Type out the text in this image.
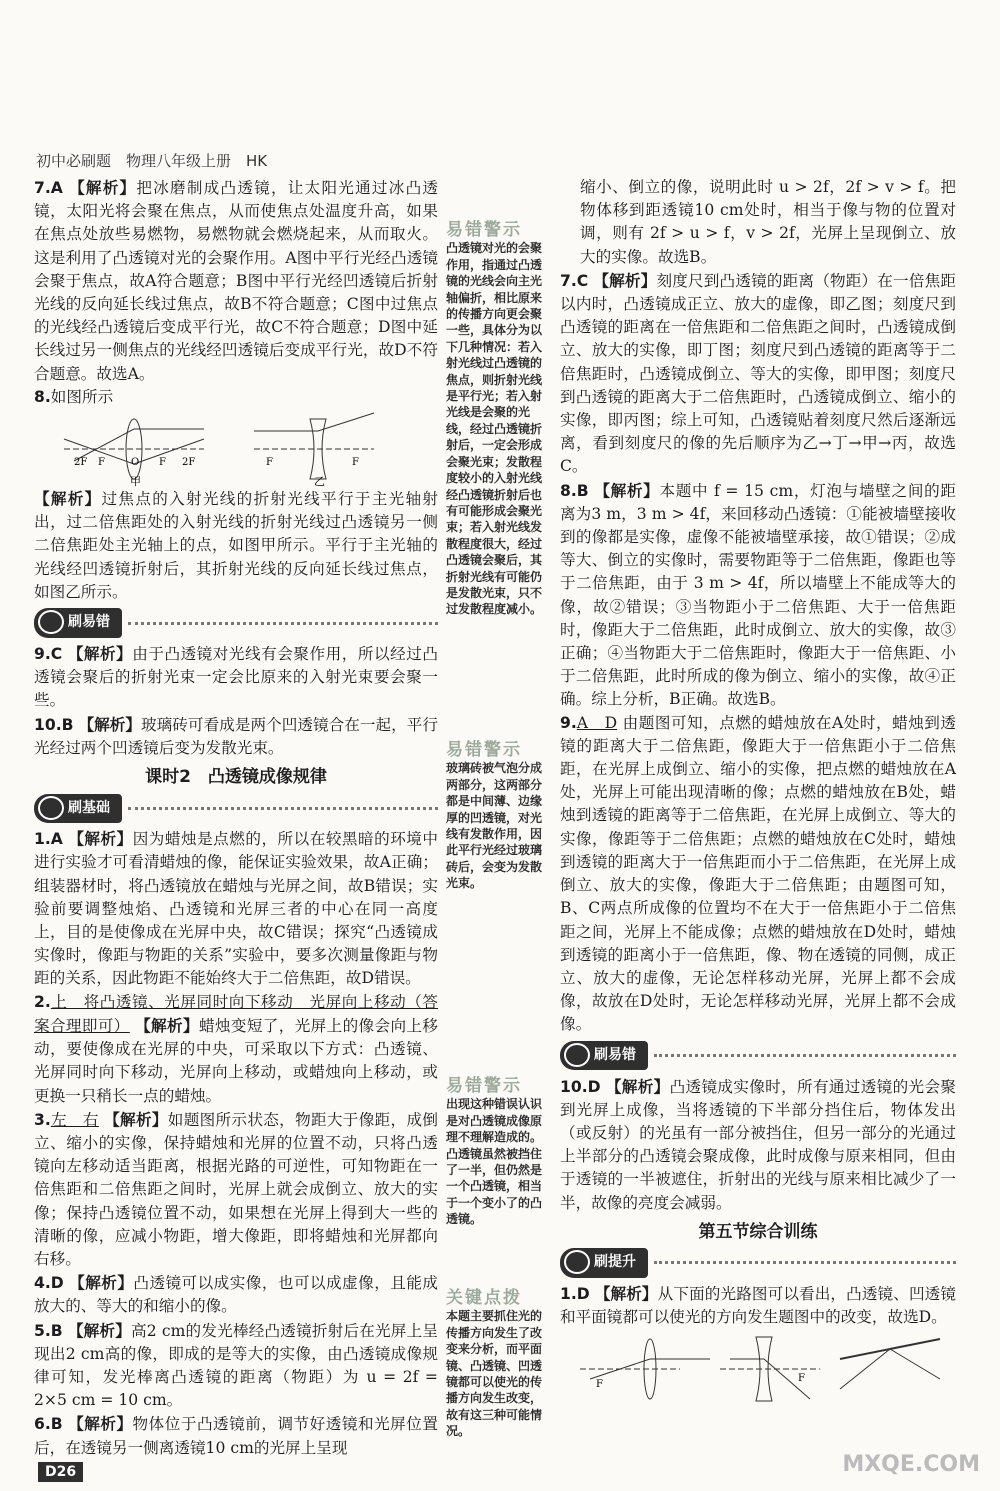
初中必刷题　物理八年级上册　HK
7.A 【解析】把冰磨制成凸透镜，让太阳光通过冰凸透镜，太阳光将会聚在焦点，从而使焦点处温度升高，如果在焦点处放些易燃物，易燃物就会燃烧起来，从而取火。这是利用了凸透镜对光的会聚作用。A图中平行光经凸透镜会聚于焦点，故A符合题意；B图中平行光经凹透镜后折射光线的反向延长线过焦点，故B不符合题意；C图中过焦点的光线经凸透镜后变成平行光，故C不符合题意；D图中延长线过另一侧焦点的光线经凹透镜后变成平行光，故D不符合题意。故选A。
8.如图所示
2F F	O F 2F
甲
F	F
乙
【解析】过焦点的入射光线的折射光线平行于主光轴射出，过二倍焦距处的入射光线的折射光线过凸透镜另一侧二倍焦距处主光轴上的点，如图甲所示。平行于主光轴的光线经凹透镜折射后，其折射光线的反向延长线过焦点，如图乙所示。
刷易错
9.C 【解析】由于凸透镜对光线有会聚作用，所以经过凸透镜会聚后的折射光束一定会比原来的入射光束要会聚一些。
10.B 【解析】玻璃砖可看成是两个凹透镜合在一起，平行光经过两个凹透镜后变为发散光束。
课时2　凸透镜成像规律
刷基础
1.A 【解析】因为蜡烛是点燃的，所以在较黑暗的环境中进行实验才可看清蜡烛的像，能保证实验效果，故A正确；组装器材时，将凸透镜放在蜡烛与光屏之间，故B错误；实验前要调整烛焰、凸透镜和光屏三者的中心在同一高度上，目的是使像成在光屏中央，故C错误；探究“凸透镜成实像时，像距与物距的关系”实验中，要多次测量像距与物距的关系，因此物距不能始终大于二倍焦距，故D错误。
2.上　将凸透镜、光屏同时向下移动　光屏向上移动（答案合理即可） 【解析】蜡烛变短了，光屏上的像会向上移动，要使像成在光屏的中央，可采取以下方式：凸透镜、光屏同时向下移动，光屏向上移动，或蜡烛向上移动，或更换一只稍长一点的蜡烛。
3.左　右 【解析】如题图所示状态，物距大于像距，成倒立、缩小的实像，保持蜡烛和光屏的位置不动，只将凸透镜向左移动适当距离，根据光路的可逆性，可知物距在一倍焦距和二倍焦距之间时，光屏上就会成倒立、放大的实像；保持凸透镜位置不动，如果想在光屏上得到大一些的清晰的像，应减小物距，增大像距，即将蜡烛和光屏都向右移。
4.D 【解析】凸透镜可以成实像，也可以成虚像，且能成放大的、等大的和缩小的像。
5.B 【解析】高2 cm的发光棒经凸透镜折射后在光屏上呈现出2 cm高的像，即成的是等大的实像，由凸透镜成像规律可知，发光棒离凸透镜的距离（物距）为 u = 2f = 2×5 cm = 10 cm。
6.B 【解析】物体位于凸透镜前，调节好透镜和光屏位置后，在透镜另一侧离透镜10 cm的光屏上呈现
易错警示
凸透镜对光的会聚作用，指通过凸透镜的光线会向主光轴偏折，相比原来的传播方向更会聚一些，具体分为以下几种情况：若入射光线过凸透镜的焦点，则折射光线是平行光；若入射光线是会聚的光线，经过凸透镜折射后，一定会形成会聚光束；发散程度较小的入射光线经凸透镜折射后也有可能形成会聚光束；若入射光线发散程度很大，经过凸透镜会聚后，其折射光线有可能仍是发散光束，只不过发散程度减小。
易错警示
玻璃砖被气泡分成两部分，这两部分都是中间薄、边缘厚的凹透镜，对光线有发散作用，因此平行光经过玻璃砖后，会变为发散光束。
易错警示
出现这种错误认识是对凸透镜成像原理不理解造成的。凸透镜虽然被挡住了一半，但仍然是一个凸透镜，相当于一个变小了的凸透镜。
关键点拨
本题主要抓住光的传播方向发生了改变来分析，而平面镜、凸透镜、凹透镜都可以使光的传播方向发生改变，故有这三种可能情况。
缩小、倒立的像，说明此时 u > 2f，2f > v > f。把物体移到距透镜10 cm处时，相当于像与物的位置对调，则有 2f > u > f，v > 2f，光屏上呈现倒立、放大的实像。故选B。
7.C 【解析】刻度尺到凸透镜的距离（物距）在一倍焦距以内时，凸透镜成正立、放大的虚像，即乙图；刻度尺到凸透镜的距离在一倍焦距和二倍焦距之间时，凸透镜成倒立、放大的实像，即丁图；刻度尺到凸透镜的距离等于二倍焦距时，凸透镜成倒立、等大的实像，即甲图；刻度尺到凸透镜的距离大于二倍焦距时，凸透镜成倒立、缩小的实像，即丙图；综上可知，凸透镜贴着刻度尺然后逐渐远离，看到刻度尺的像的先后顺序为乙→丁→甲→丙，故选C。
8.B 【解析】本题中 f = 15 cm，灯泡与墙壁之间的距离为3 m，3 m > 4f，来回移动凸透镜：①能被墙壁接收到的像都是实像，虚像不能被墙壁承接，故①错误；②成等大、倒立的实像时，需要物距等于二倍焦距，像距也等于二倍焦距，由于 3 m > 4f，所以墙壁上不能成等大的像，故②错误；③当物距小于二倍焦距、大于一倍焦距时，像距大于二倍焦距，此时成倒立、放大的实像，故③正确；④当物距大于二倍焦距时，像距大于一倍焦距、小于二倍焦距，此时所成的像为倒立、缩小的实像，故④正确。综上分析，B正确。故选B。
9.A　D 由题图可知，点燃的蜡烛放在A处时，蜡烛到透镜的距离大于二倍焦距，像距大于一倍焦距小于二倍焦距，在光屏上成倒立、缩小的实像，把点燃的蜡烛放在A处，光屏上可能出现清晰的像；点燃的蜡烛放在B处，蜡烛到透镜的距离等于二倍焦距，在光屏上成倒立、等大的实像，像距等于二倍焦距；点燃的蜡烛放在C处时，蜡烛到透镜的距离大于一倍焦距而小于二倍焦距，在光屏上成倒立、放大的实像，像距大于二倍焦距；由题图可知，B、C两点所成像的位置均不在大于一倍焦距小于二倍焦距之间，光屏上不能成像；点燃的蜡烛放在D处时，蜡烛到透镜的距离小于一倍焦距，像、物在透镜的同侧，成正立、放大的虚像，无论怎样移动光屏，光屏上都不会成像，故放在D处时，无论怎样移动光屏，光屏上都不会成像。
刷易错
10.D 【解析】凸透镜成实像时，所有通过透镜的光会聚到光屏上成像，当将透镜的下半部分挡住后，物体发出（或反射）的光虽有一部分被挡住，但另一部分的光通过上半部分的凸透镜会聚成像，此时成像与原来相同，但由于透镜的一半被遮住，折射出的光线与原来相比减少了一半，故像的亮度会减弱。
第五节综合训练
刷提升
1.D 【解析】从下面的光路图可以看出，凸透镜、凹透镜和平面镜都可以使光的方向发生题图中的改变，故选D。
F
F
D26	MXQE.COM
